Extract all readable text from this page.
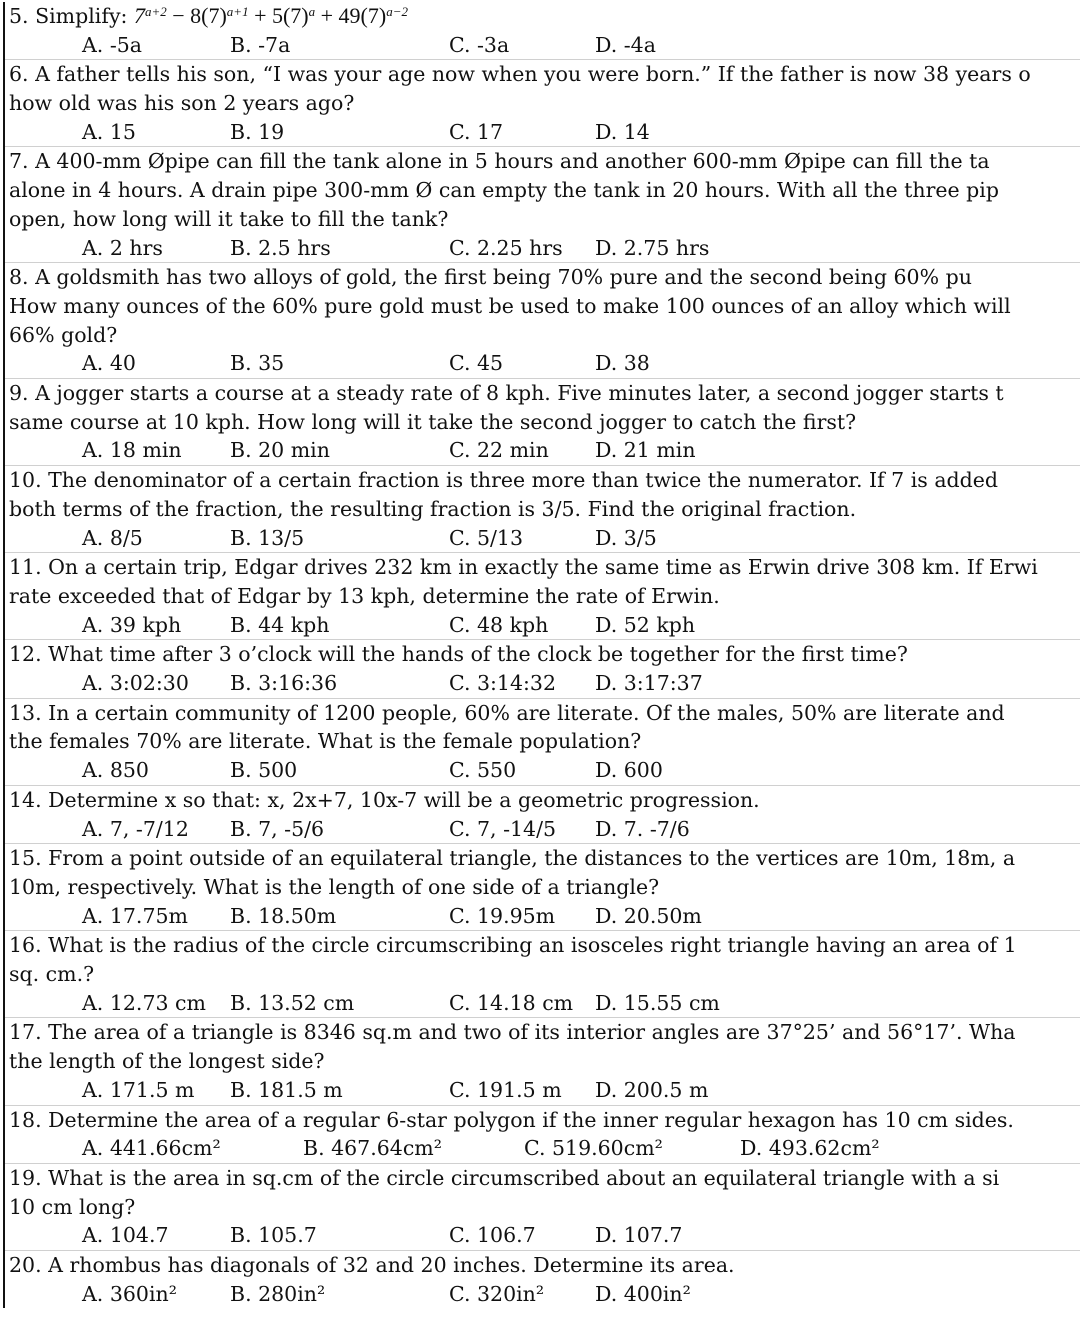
5. Simplify: $7^{a+2} - 8(7)^{a+1} + 5(7)^a + 49(7)^{a-2}$

A. -5a	B. -7a	C. -3a	D. -4a

6. A father tells his son, “I was your age now when you were born.” If the father is now 38 years o

how old was his son 2 years ago?

A. 15	B. 19	C. 17	D. 14

7. A 400-mm Øpipe can fill the tank alone in 5 hours and another 600-mm Øpipe can fill the ta

alone in 4 hours. A drain pipe 300-mm Ø can empty the tank in 20 hours. With all the three pip

open, how long will it take to fill the tank?

A. 2 hrs	B. 2.5 hrs	C. 2.25 hrs D. 2.75 hrs

8. A goldsmith has two alloys of gold, the first being 70% pure and the second being 60% pu

How many ounces of the 60% pure gold must be used to make 100 ounces of an alloy which will

66% gold?

A. 40	B. 35	C. 45	D. 38

9. A jogger starts a course at a steady rate of 8 kph. Five minutes later, a second jogger starts t

same course at 10 kph. How long will it take the second jogger to catch the first?

A. 18 min B. 20 min	C. 22 min D. 21 min

10. The denominator of a certain fraction is three more than twice the numerator. If 7 is added

both terms of the fraction, the resulting fraction is 3/5. Find the original fraction.

A. 8/5	B. 13/5	C. 5/13	D. 3/5

11. On a certain trip, Edgar drives 232 km in exactly the same time as Erwin drive 308 km. If Erwi

rate exceeded that of Edgar by 13 kph, determine the rate of Erwin.

A. 39 kph B. 44 kph	C. 48 kph D. 52 kph

12. What time after 3 o’clock will the hands of the clock be together for the first time?

A. 3:02:30 B. 3:16:36	C. 3:14:32 D. 3:17:37

13. In a certain community of 1200 people, 60% are literate. Of the males, 50% are literate and

the females 70% are literate. What is the female population?

A. 850	B. 500	C. 550	D. 600

14. Determine x so that: x, 2x+7, 10x-7 will be a geometric progression.

A. 7, -7/12 B. 7, -5/6	C. 7, -14/5 D. 7. -7/6

15. From a point outside of an equilateral triangle, the distances to the vertices are 10m, 18m, a

10m, respectively. What is the length of one side of a triangle?

A. 17.75m B. 18.50m	C. 19.95m D. 20.50m

16. What is the radius of the circle circumscribing an isosceles right triangle having an area of 1

sq. cm.?

A. 12.73 cm B. 13.52 cm	C. 14.18 cm D. 15.55 cm

17. The area of a triangle is 8346 sq.m and two of its interior angles are 37°25’ and 56°17’. Wha

the length of the longest side?

A. 171.5 m B. 181.5 m	C. 191.5 m D. 200.5 m

18. Determine the area of a regular 6-star polygon if the inner regular hexagon has 10 cm sides.

A. 441.66cm²	B. 467.64cm²	C. 519.60cm²	D. 493.62cm²

19. What is the area in sq.cm of the circle circumscribed about an equilateral triangle with a si

10 cm long?

A. 104.7	B. 105.7	C. 106.7	D. 107.7

20. A rhombus has diagonals of 32 and 20 inches. Determine its area.

A. 360in²	B. 280in²	C. 320in² D. 400in²
